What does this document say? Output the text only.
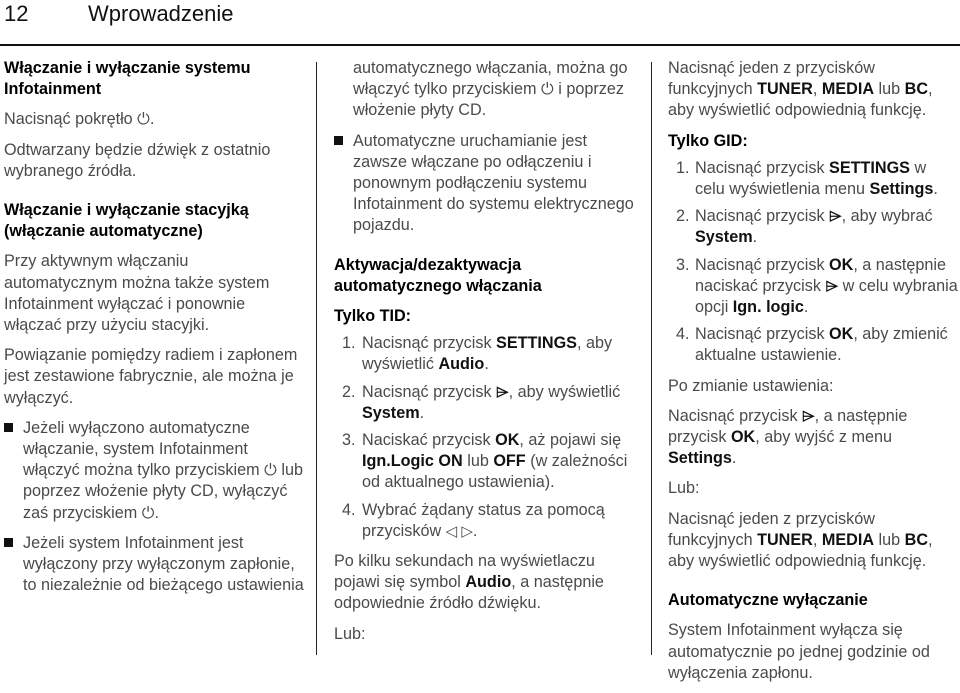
12	Wprowadzenie

Włączanie i wyłączanie systemu Infotainment

Nacisnąć pokrętło ⏻.

Odtwarzany będzie dźwięk z ostatnio wybranego źródła.

Włączanie i wyłączanie stacyjką (włączanie automatyczne)

Przy aktywnym włączaniu automatycznym można także system Infotainment wyłączać i ponownie włączać przy użyciu stacyjki.

Powiązanie pomiędzy radiem i zapłonem jest zestawione fabrycznie, ale można je wyłączyć.

Jeżeli wyłączono automatyczne włączanie, system Infotainment włączyć można tylko przyciskiem ⏻ lub poprzez włożenie płyty CD, wyłączyć zaś przyciskiem ⏻.
Jeżeli system Infotainment jest wyłączony przy wyłączonym zapłonie, to niezależnie od bieżącego ustawienia

automatycznego włączania, można go włączyć tylko przyciskiem ⏻ i poprzez włożenie płyty CD.

Automatyczne uruchamianie jest zawsze włączane po odłączeniu i ponownym podłączeniu systemu Infotainment do systemu elektrycznego pojazdu.

Aktywacja/dezaktywacja automatycznego włączania

Tylko TID:

1. Nacisnąć przycisk SETTINGS, aby wyświetlić Audio.
2. Nacisnąć przycisk ⌲, aby wyświetlić System.
3. Naciskać przycisk OK, aż pojawi się Ign.Logic ON lub OFF (w zależności od aktualnego ustawienia).
4. Wybrać żądany status za pomocą przycisków ◁ ▷.

Po kilku sekundach na wyświetlaczu pojawi się symbol Audio, a następnie odpowiednie źródło dźwięku.

Lub:

Nacisnąć jeden z przycisków funkcyjnych TUNER, MEDIA lub BC, aby wyświetlić odpowiednią funkcję.

Tylko GID:

1. Nacisnąć przycisk SETTINGS w celu wyświetlenia menu Settings.
2. Nacisnąć przycisk ⌲, aby wybrać System.
3. Nacisnąć przycisk OK, a następnie naciskać przycisk ⌲ w celu wybrania opcji Ign. logic.
4. Nacisnąć przycisk OK, aby zmienić aktualne ustawienie.

Po zmianie ustawienia:

Nacisnąć przycisk ⌲, a następnie przycisk OK, aby wyjść z menu Settings.

Lub:

Nacisnąć jeden z przycisków funkcyjnych TUNER, MEDIA lub BC, aby wyświetlić odpowiednią funkcję.

Automatyczne wyłączanie

System Infotainment wyłącza się automatycznie po jednej godzinie od wyłączenia zapłonu.
